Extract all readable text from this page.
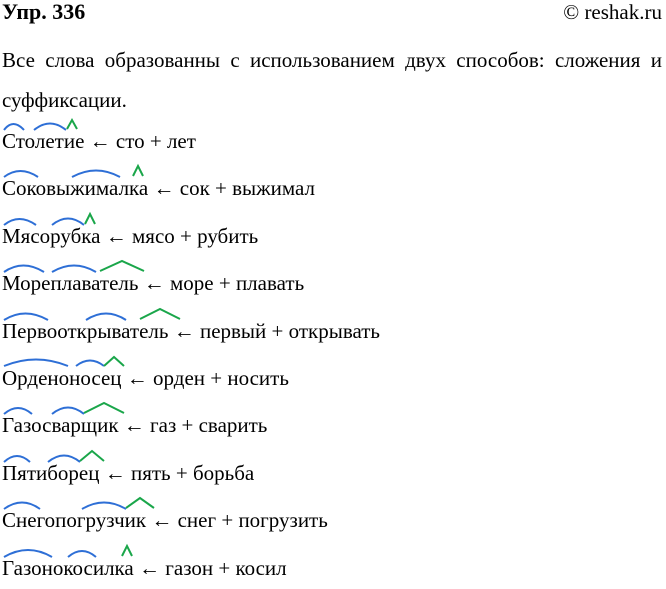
Упр. 336	© reshak.ru
Все слова образованны с использованием двух способов: сложения и суффиксации.
Столетие ← сто + лет
Соковыжималка ← сок + выжимал
Мясорубка ← мясо + рубить
Мореплаватель ← море + плавать
Первооткрыватель ← первый + открывать
Орденоносец ← орден + носить
Газосварщик ← газ + сварить
Пятиборец ← пять + борьба
Снегопогрузчик ← снег + погрузить
Газонокосилка ← газон + косил
